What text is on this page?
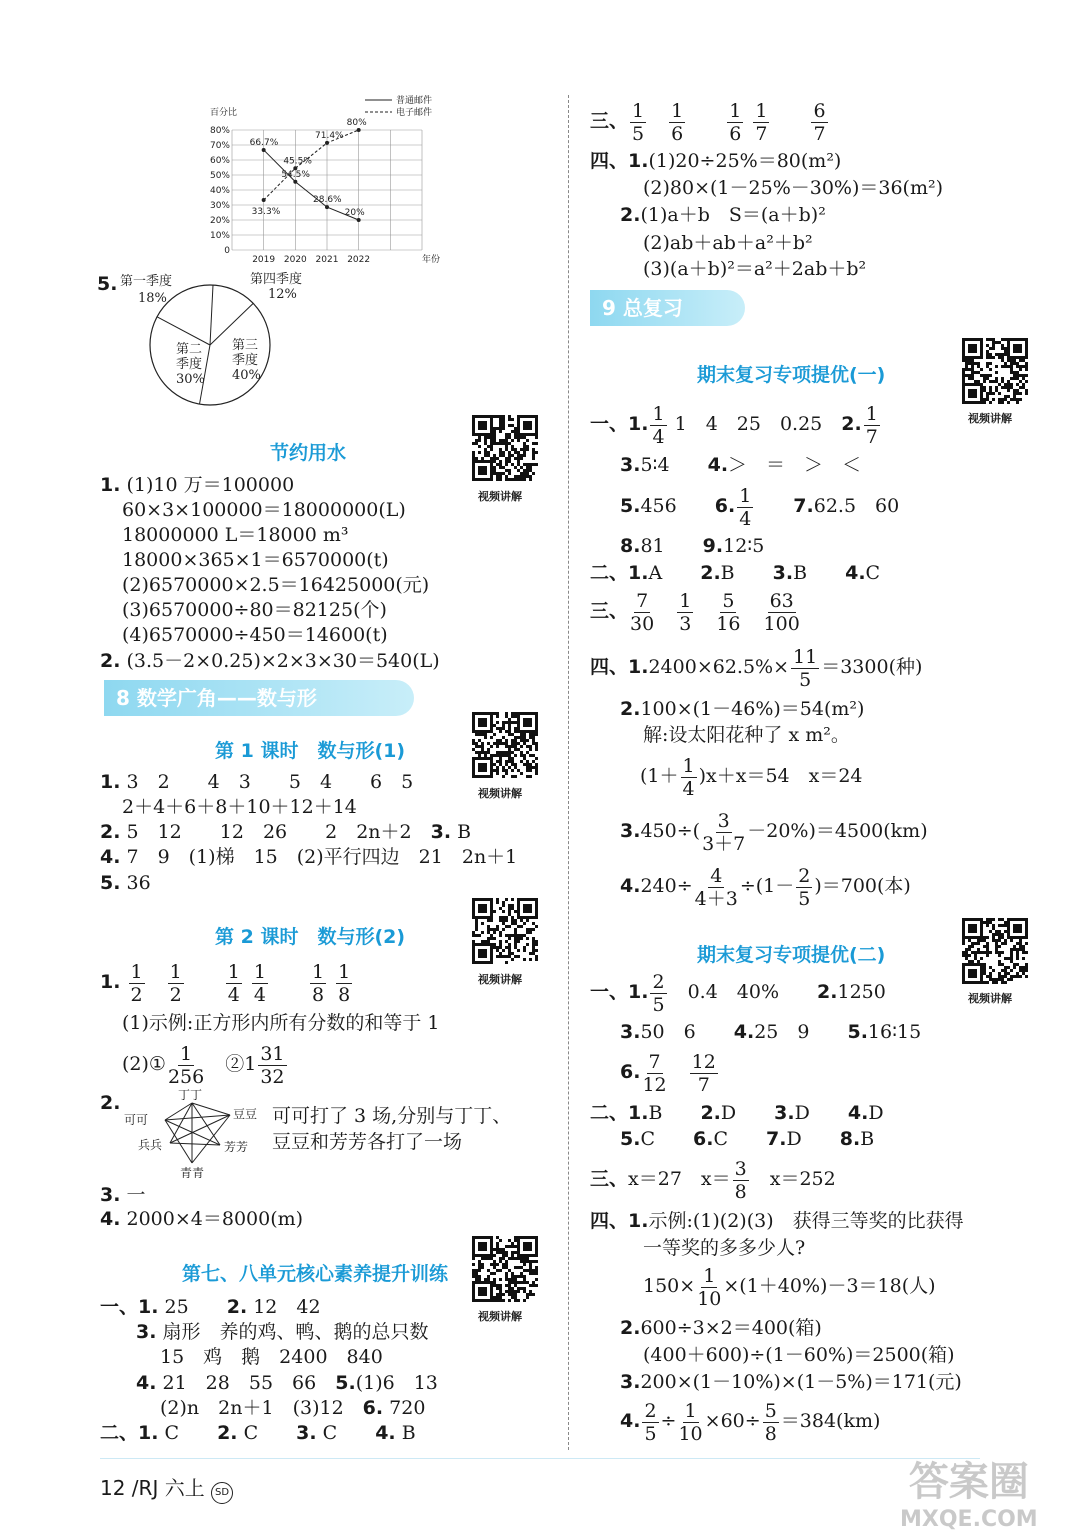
百分比
年份
普通邮件
电子邮件
80%
70%
60%
50%
40%
30%
20%
10%
0
2019 2020 2021 2022
66.7%
54.5%
28.6%
20%
33.3%
45.5%
71.4%
80%
5. 第一季度
18%
第四季度
12%
第二
季度
30%
第三
季度
40%
节约用水
1. (1)10 万＝100000
60×3×100000＝18000000(L)
18000000 L＝18000 m³
18000×365×1＝6570000(t)
(2)6570000×2.5＝16425000(元)
(3)6570000÷80＝82125(个)
(4)6570000÷450＝14600(t)
2. (3.5－2×0.25)×2×3×30＝540(L)
8 数学广角——数与形
第 1 课时　数与形(1)
1. 3　2　　4　3　　5　4　　6　5
2＋4＋6＋8＋10＋12＋14
2. 5　12　　12　26　　2　2n＋2　 3. B
4. 7　9　(1)梯　15　(2)平行四边　21　2n＋1
5. 36
第 2 课时　数与形(2)
1. $\frac{1}{2}$
　 $\frac{1}{2}$
　　 $\frac{1}{4}$
$\frac{1}{4}$
　　 $\frac{1}{8}$
$\frac{1}{8}$
(1)示例:正方形内所有分数的和等于 1
(2)① $\frac{1}{256}$
　 ②1 $\frac{31}{32}$
2.	丁丁
可可	豆豆
兵兵	芳芳
青青
可可打了 3 场,分别与丁丁、
豆豆和芳芳各打了一场
3. 一
4. 2000×4＝8000(m)
第七、八单元核心素养提升训练
一、1. 25　　 2. 12　42
3. 扇形　养的鸡、鸭、鹅的总只数
15　鸡　鹅　2400　840
4. 21　28　55　66　 5.(1)6　13
(2)n　2n＋1　(3)12　 6. 720
二、1. C　　 2. C　　 3. C　　 4. B
三、 $\frac{1}{5}$
　 $\frac{1}{6}$
　　 $\frac{1}{6}$
$\frac{1}{7}$
　　 $\frac{6}{7}$
四、1.(1)20÷25%＝80(m²)
(2)80×(1－25%－30%)＝36(m²)
2.(1)a＋b　S＝(a＋b)²
(2)ab＋ab＋a²＋b²
(3)(a＋b)²＝a²＋2ab＋b²
9 总复习
期末复习专项提优(一)
一、1. $\frac{1}{4} 1$　4　25　0.25　 2. $\frac{1}{7}$
3.5∶4　　 4.＞　＝　＞　＜
5.456　　 6. $\frac{1}{4}$
　　 7.62.5　60
8.81　　 9.12∶5
二、1.A　　 2.B　　 3.B　　 4.C
三、 $\frac{7}{30}$
　 $\frac{1}{3}$
　 $\frac{5}{16}$
　 $\frac{63}{100}$
四、$1.2400\times 62.5\%\times \frac{11}{5} =3300$(种)
2.100×(1－46%)＝54(m²)
解:设太阳花种了 x m²。
$(1+ \frac{1}{4} )x+x=54$　x＝24
$3.450\div( \frac{3}{3+7} -20\%)=4500(km)$
$4.240\div \frac{4}{4+3} \div(1- \frac{2}{5} )=700$(本)
期末复习专项提优(二)
一、1. $\frac{2}{5}$
　 0.4　40%　　 2.1250
3.50　6　　 4.25　9　　 5.16∶15
6. $\frac{7}{12}$
　 $\frac{12}{7}$
二、1.B　　 2.D　　 3.D　　 4.D
5.C　　 6.C　　 7.D　　 8.B
三、x＝27　$x= \frac{3}{8}$
　 x＝252
四、1.示例:(1)(2)(3)　获得三等奖的比获得
一等奖的多多少人?
$150\times \frac{1}{10} \times(1+40\%)-3=18$(人)
2.600÷3×2＝400(箱)
(400＋600)÷(1－60%)＝2500(箱)
3.200×(1－10%)×(1－5%)＝171(元)
4. $\frac{2}{5} \div \frac{1}{10} \times 60\div \frac{5}{8} =384(km)$
视频讲解
视频讲解
视频讲解
视频讲解
视频讲解
视频讲解
12 /RJ 六上 SD	答案圈
MXQE.COM
